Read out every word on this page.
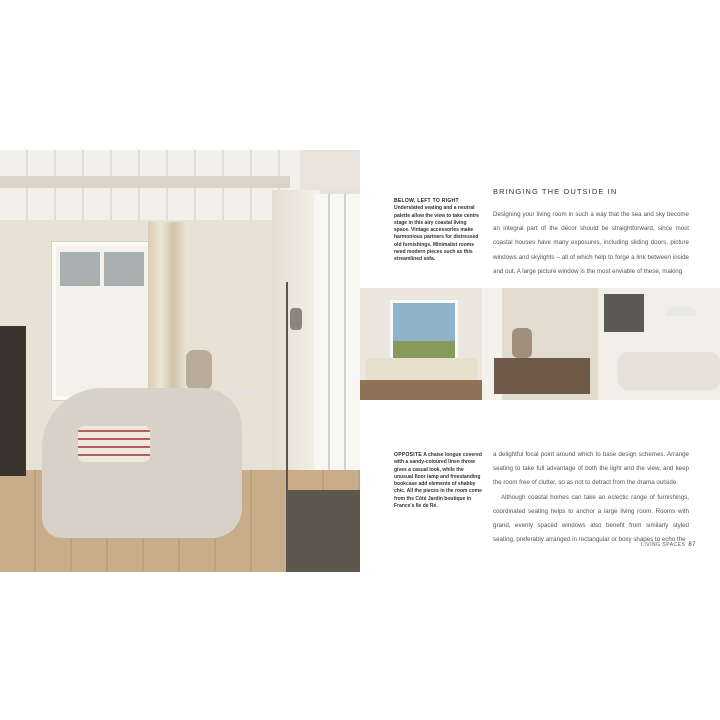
BELOW, LEFT TO RIGHT
Understated seating and a neutral palette allow the view to take centre stage in this airy coastal living space. Vintage accessories make harmonious partners for distressed old furnishings. Minimalist rooms need modern pieces such as this streamlined sofa.
BRINGING THE OUTSIDE IN
Designing your living room in such a way that the sea and sky become an integral part of the décor should be straightforward, since most coastal houses have many exposures, including sliding doors, picture windows and skylights – all of which help to forge a link between inside and out. A large picture window is the most enviable of these, making
OPPOSITE A chaise longue covered with a sandy-coloured linen throw gives a casual look, while the unusual floor lamp and freestanding bookcase add elements of shabby chic. All the pieces in the room come from the Côté Jardin boutique in France's Ile de Ré.

a delightful focal point around which to base design schemes. Arrange seating to take full advantage of both the light and the view, and keep the room free of clutter, so as not to detract from the drama outside.

Although coastal homes can take an eclectic range of furnishings, coordinated seating helps to anchor a large living room. Rooms with grand, evenly spaced windows also benefit from similarly styled seating, preferably arranged in rectangular or boxy shapes to echo the

LIVING SPACES 87
